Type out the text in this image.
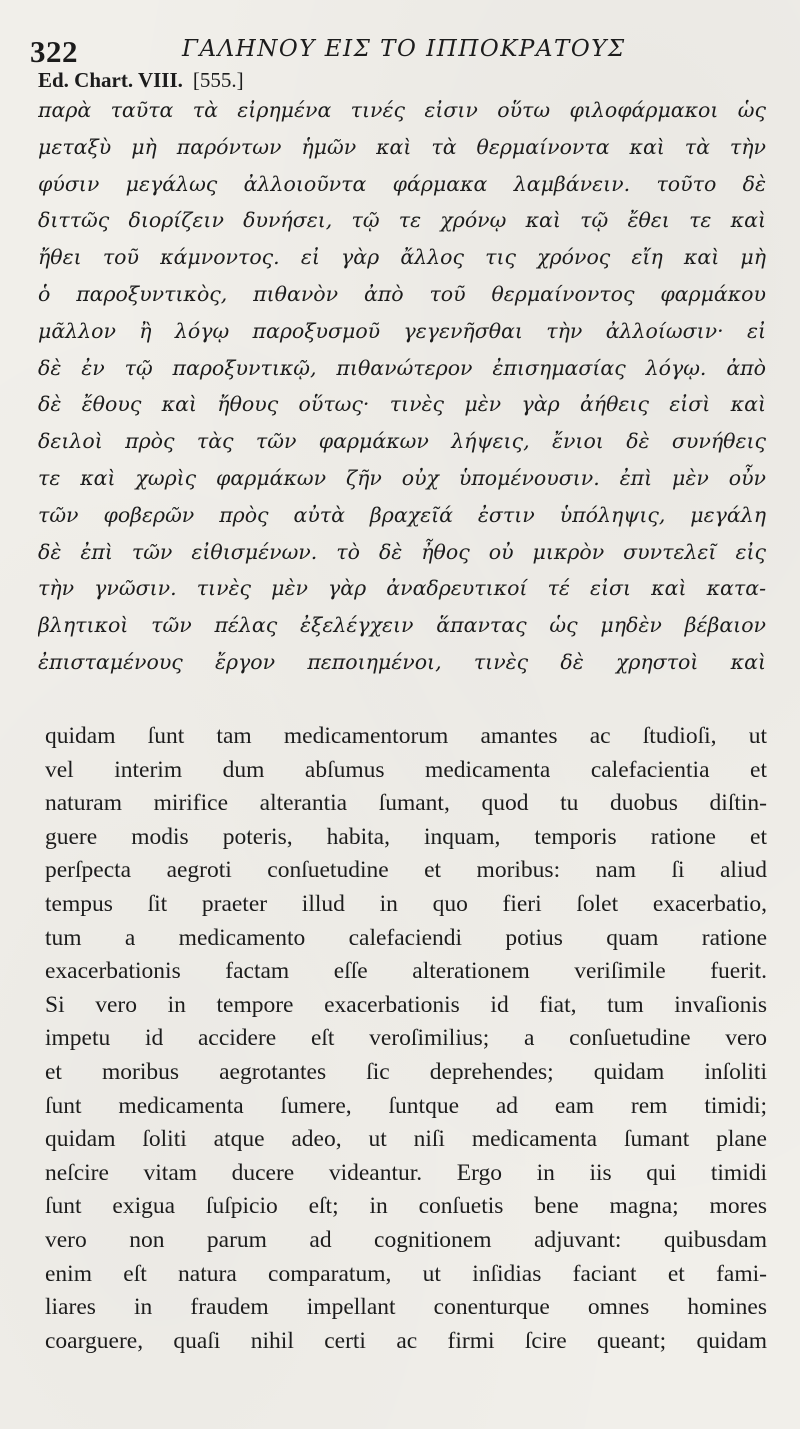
322	ΓΑΛΗΝΟΥ ΕΙΣ ΤΟ ΙΠΠΟΚΡΑΤΟΥΣ
Ed. Chart. VIII. [555.]
παρὰ ταῦτα τὰ εἰρημένα τινές εἰσιν οὕτω φιλοφάρμακοι ὡς
μεταξὺ μὴ παρόντων ἡμῶν καὶ τὰ θερμαίνοντα καὶ τὰ τὴν
φύσιν μεγάλως ἀλλοιοῦντα φάρμακα λαμβάνειν. τοῦτο δὲ
διττῶς διορίζειν δυνήσει, τῷ τε χρόνῳ καὶ τῷ ἔθει τε καὶ
ἤθει τοῦ κάμνοντος. εἰ γὰρ ἄλλος τις χρόνος εἴη καὶ μὴ
ὁ παροξυντικὸς, πιθανὸν ἀπὸ τοῦ θερμαίνοντος φαρμάκου
μᾶλλον ἢ λόγῳ παροξυσμοῦ γεγενῆσθαι τὴν ἀλλοίωσιν· εἰ
δὲ ἐν τῷ παροξυντικῷ, πιθανώτερον ἐπισημασίας λόγῳ. ἀπὸ
δὲ ἔθους καὶ ἤθους οὕτως· τινὲς μὲν γὰρ ἀήθεις εἰσὶ καὶ
δειλοὶ πρὸς τὰς τῶν φαρμάκων λήψεις, ἔνιοι δὲ συνήθεις
τε καὶ χωρὶς φαρμάκων ζῆν οὐχ ὑπομένουσιν. ἐπὶ μὲν οὖν
τῶν φοβερῶν πρὸς αὐτὰ βραχεῖά ἐστιν ὑπόληψις, μεγάλη
δὲ ἐπὶ τῶν εἰθισμένων. τὸ δὲ ἦθος οὐ μικρὸν συντελεῖ εἰς
τὴν γνῶσιν. τινὲς μὲν γὰρ ἀναδρευτικοί τέ εἰσι καὶ κατα-
βλητικοὶ τῶν πέλας ἐξελέγχειν ἅπαντας ὡς μηδὲν βέβαιον
ἐπισταμένους ἔργον πεποιημένοι, τινὲς δὲ χρηστοὶ καὶ
quidam ſunt tam medicamentorum amantes ac ſtudioſi, ut
vel interim dum abſumus medicamenta calefacientia et
naturam mirifice alterantia ſumant, quod tu duobus diſtin-
guere modis poteris, habita, inquam, temporis ratione et
perſpecta aegroti conſuetudine et moribus: nam ſi aliud
tempus ſit praeter illud in quo fieri ſolet exacerbatio,
tum a medicamento calefaciendi potius quam ratione
exacerbationis factam eſſe alterationem veriſimile fuerit.
Si vero in tempore exacerbationis id fiat, tum invaſionis
impetu id accidere eſt veroſimilius; a conſuetudine vero
et moribus aegrotantes ſic deprehendes; quidam inſoliti
ſunt medicamenta ſumere, ſuntque ad eam rem timidi;
quidam ſoliti atque adeo, ut niſi medicamenta ſumant plane
neſcire vitam ducere videantur. Ergo in iis qui timidi
ſunt exigua ſuſpicio eſt; in conſuetis bene magna; mores
vero non parum ad cognitionem adjuvant: quibusdam
enim eſt natura comparatum, ut inſidias faciant et fami-
liares in fraudem impellant conenturque omnes homines
coarguere, quaſi nihil certi ac firmi ſcire queant; quidam
